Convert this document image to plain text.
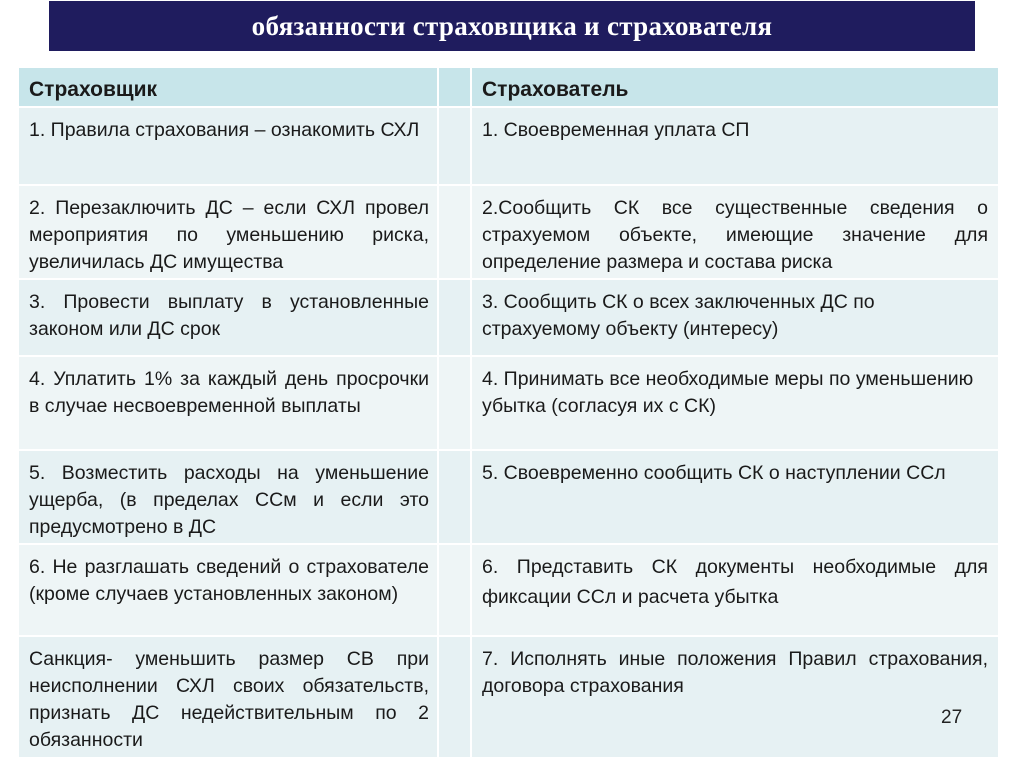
обязанности страховщика и страхователя
Страховщик	Страхователь
1. Правила страхования – ознакомить СХЛ	1. Своевременная уплата СП
2. Перезаключить ДС – если СХЛ провел мероприятия по уменьшению риска, увеличилась ДС имущества
2.Сообщить СК все существенные сведения о страхуемом объекте, имеющие значение для определение размера и состава риска
3. Провести выплату в установленные законом или ДС срок
3. Сообщить СК о всех заключенных ДС по страхуемому объекту (интересу)
4. Уплатить 1% за каждый день просрочки в случае несвоевременной выплаты
4. Принимать все необходимые меры по уменьшению убытка (согласуя их с СК)
5. Возместить расходы на уменьшение ущерба, (в пределах ССм и если это предусмотрено в ДС
5. Своевременно сообщить СК о наступлении ССл
6. Не разглашать сведений о страхователе (кроме случаев установленных законом)
6. Представить СК документы необходимые для фиксации ССл и расчета убытка
Санкция- уменьшить размер СВ при неисполнении СХЛ своих обязательств, признать ДС недействительным по 2 обязанности
7. Исполнять иные положения Правил страхования, договора страхования
27
